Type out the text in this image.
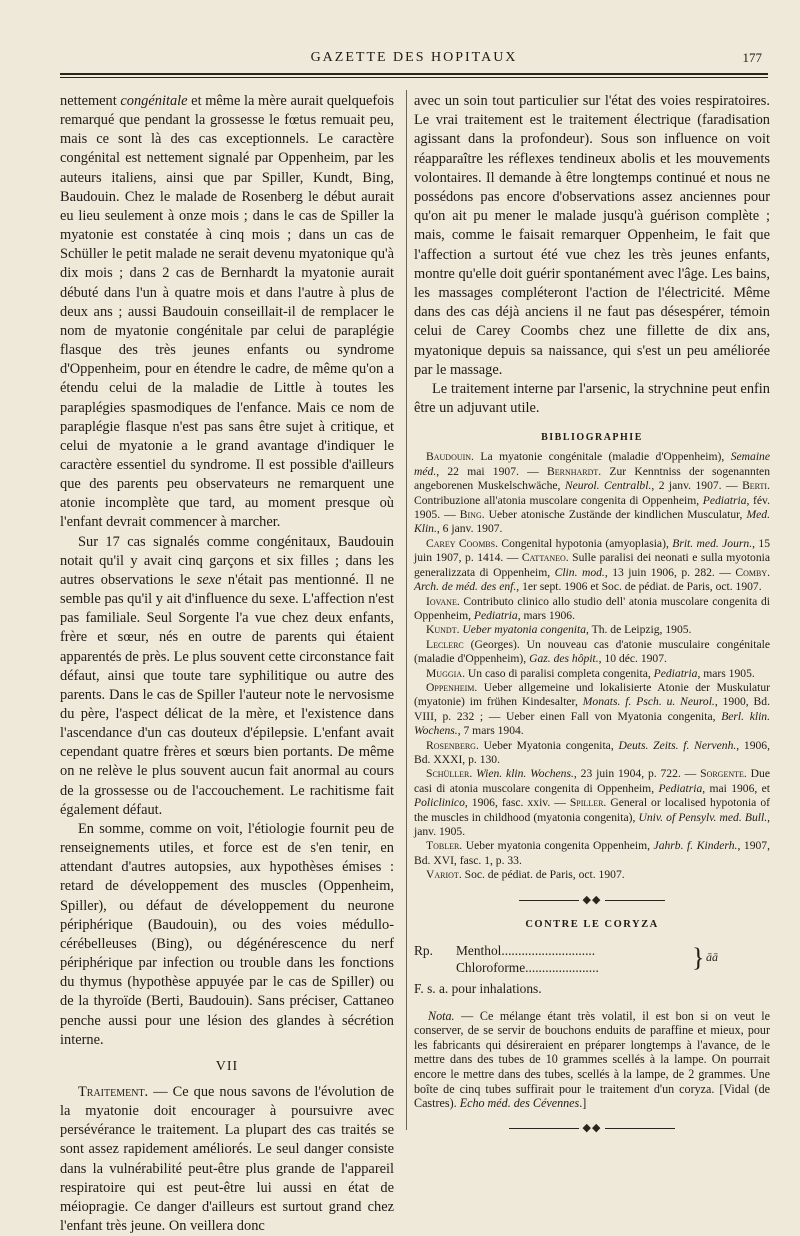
GAZETTE DES HOPITAUX	177

nettement congénitale et même la mère aurait quelquefois remarqué que pendant la grossesse le fœtus remuait peu, mais ce sont là des cas exceptionnels. Le caractère congénital est nettement signalé par Oppenheim, par les auteurs italiens, ainsi que par Spiller, Kundt, Bing, Baudouin. Chez le malade de Rosenberg le début aurait eu lieu seulement à onze mois ; dans le cas de Spiller la myatonie est constatée à cinq mois ; dans un cas de Schüller le petit malade ne serait devenu myatonique qu'à dix mois ; dans 2 cas de Bernhardt la myatonie aurait débuté dans l'un à quatre mois et dans l'autre à plus de deux ans ; aussi Baudouin conseillait-il de remplacer le nom de myatonie congénitale par celui de paraplégie flasque des très jeunes enfants ou syndrome d'Oppenheim, pour en étendre le cadre, de même qu'on a étendu celui de la maladie de Little à toutes les paraplégies spasmodiques de l'enfance. Mais ce nom de paraplégie flasque n'est pas sans être sujet à critique, et celui de myatonie a le grand avantage d'indiquer le caractère essentiel du syndrome. Il est possible d'ailleurs que des parents peu observateurs ne remarquent une atonie incomplète que tard, au moment presque où l'enfant devrait commencer à marcher.

Sur 17 cas signalés comme congénitaux, Baudouin notait qu'il y avait cinq garçons et six filles ; dans les autres observations le sexe n'était pas mentionné. Il ne semble pas qu'il y ait d'influence du sexe. L'affection n'est pas familiale. Seul Sorgente l'a vue chez deux enfants, frère et sœur, nés en outre de parents qui étaient apparentés de près. Le plus souvent cette circonstance fait défaut, ainsi que toute tare syphilitique ou autre des parents. Dans le cas de Spiller l'auteur note le nervosisme du père, l'aspect délicat de la mère, et l'existence dans l'ascendance d'un cas douteux d'épilepsie. L'enfant avait cependant quatre frères et sœurs bien portants. De même on ne relève le plus souvent aucun fait anormal au cours de la grossesse ou de l'accouchement. Le rachitisme fait également défaut.

En somme, comme on voit, l'étiologie fournit peu de renseignements utiles, et force est de s'en tenir, en attendant d'autres autopsies, aux hypothèses émises : retard de développement des muscles (Oppenheim, Spiller), ou défaut de développement du neurone périphérique (Baudouin), ou des voies médullo-cérébelleuses (Bing), ou dégénérescence du nerf périphérique par infection ou trouble dans les fonctions du thymus (hypothèse appuyée par le cas de Spiller) ou de la thyroïde (Berti, Baudouin). Sans préciser, Cattaneo penche aussi pour une lésion des glandes à sécrétion interne.

VII

Traitement. — Ce que nous savons de l'évolution de la myatonie doit encourager à poursuivre avec persévérance le traitement. La plupart des cas traités se sont assez rapidement améliorés. Le seul danger consiste dans la vulnérabilité peut-être plus grande de l'appareil respiratoire qui est peut-être lui aussi en état de méiopragie. Ce danger d'ailleurs est surtout grand chez l'enfant très jeune. On veillera donc

avec un soin tout particulier sur l'état des voies respiratoires. Le vrai traitement est le traitement électrique (faradisation agissant dans la profondeur). Sous son influence on voit réapparaître les réflexes tendineux abolis et les mouvements volontaires. Il demande à être longtemps continué et nous ne possédons pas encore d'observations assez anciennes pour qu'on ait pu mener le malade jusqu'à guérison complète ; mais, comme le faisait remarquer Oppenheim, le fait que l'affection a surtout été vue chez les très jeunes enfants, montre qu'elle doit guérir spontanément avec l'âge. Les bains, les massages compléteront l'action de l'électricité. Même dans des cas déjà anciens il ne faut pas désespérer, témoin celui de Carey Coombs chez une fillette de dix ans, myatonique depuis sa naissance, qui s'est un peu améliorée par le massage.

Le traitement interne par l'arsenic, la strychnine peut enfin être un adjuvant utile.

BIBLIOGRAPHIE

Baudouin. La myatonie congénitale (maladie d'Oppenheim), Semaine méd., 22 mai 1907. — Bernhardt. Zur Kenntniss der sogenannten angeborenen Muskelschwäche, Neurol. Centralbl., 2 janv. 1907. — Berti. Contribuzione all'atonia muscolare congenita di Oppenheim, Pediatria, fév. 1905. — Bing. Ueber atonische Zustände der kindlichen Musculatur, Med. Klin., 6 janv. 1907.

Carey Coombs. Congenital hypotonia (amyoplasia), Brit. med. Journ., 15 juin 1907, p. 1414. — Cattaneo. Sulle paralisi dei neonati e sulla myotonia generalizzata di Oppenheim, Clin. mod., 13 juin 1906, p. 282. — Comby. Arch. de méd. des enf., 1er sept. 1906 et Soc. de pédiat. de Paris, oct. 1907.

Iovane. Contributo clinico allo studio dell' atonia muscolare congenita di Oppenheim, Pediatria, mars 1906.

Kundt. Ueber myatonia congenita, Th. de Leipzig, 1905.

Leclerc (Georges). Un nouveau cas d'atonie musculaire congénitale (maladie d'Oppenheim), Gaz. des hôpit., 10 déc. 1907.

Muggia. Un caso di paralisi completa congenita, Pediatria, mars 1905.

Oppenheim. Ueber allgemeine und lokalisierte Atonie der Muskulatur (myatonie) im frühen Kindesalter, Monats. f. Psch. u. Neurol., 1900, Bd. VIII, p. 232 ; — Ueber einen Fall von Myatonia congenita, Berl. klin. Wochens., 7 mars 1904.

Rosenberg. Ueber Myatonia congenita, Deuts. Zeits. f. Nervenh., 1906, Bd. XXXI, p. 130.

Schüller. Wien. klin. Wochens., 23 juin 1904, p. 722. — Sorgente. Due casi di atonia muscolare congenita di Oppenheim, Pediatria, mai 1906, et Policlinico, 1906, fasc. xxiv. — Spiller. General or localised hypotonia of the muscles in childhood (myatonia congenita), Univ. of Pensylv. med. Bull., janv. 1905.

Tobler. Ueber myatonia congenita Oppenheim, Jahrb. f. Kinderh., 1907, Bd. XVI, fasc. 1, p. 33.

Variot. Soc. de pédiat. de Paris, oct. 1907.

◆◆
CONTRE LE CORYZA
Rp. Menthol............................
Chloroforme......................	} āā
F. s. a. pour inhalations.

Nota. — Ce mélange étant très volatil, il est bon si on veut le conserver, de se servir de bouchons enduits de paraffine et mieux, pour les fabricants qui désireraient en préparer longtemps à l'avance, de le mettre dans des tubes de 10 grammes scellés à la lampe. On pourrait encore le mettre dans des tubes, scellés à la lampe, de 2 grammes. Une boîte de cinq tubes suffirait pour le traitement d'un coryza. [Vidal (de Castres). Echo méd. des Cévennes.]

◆◆
